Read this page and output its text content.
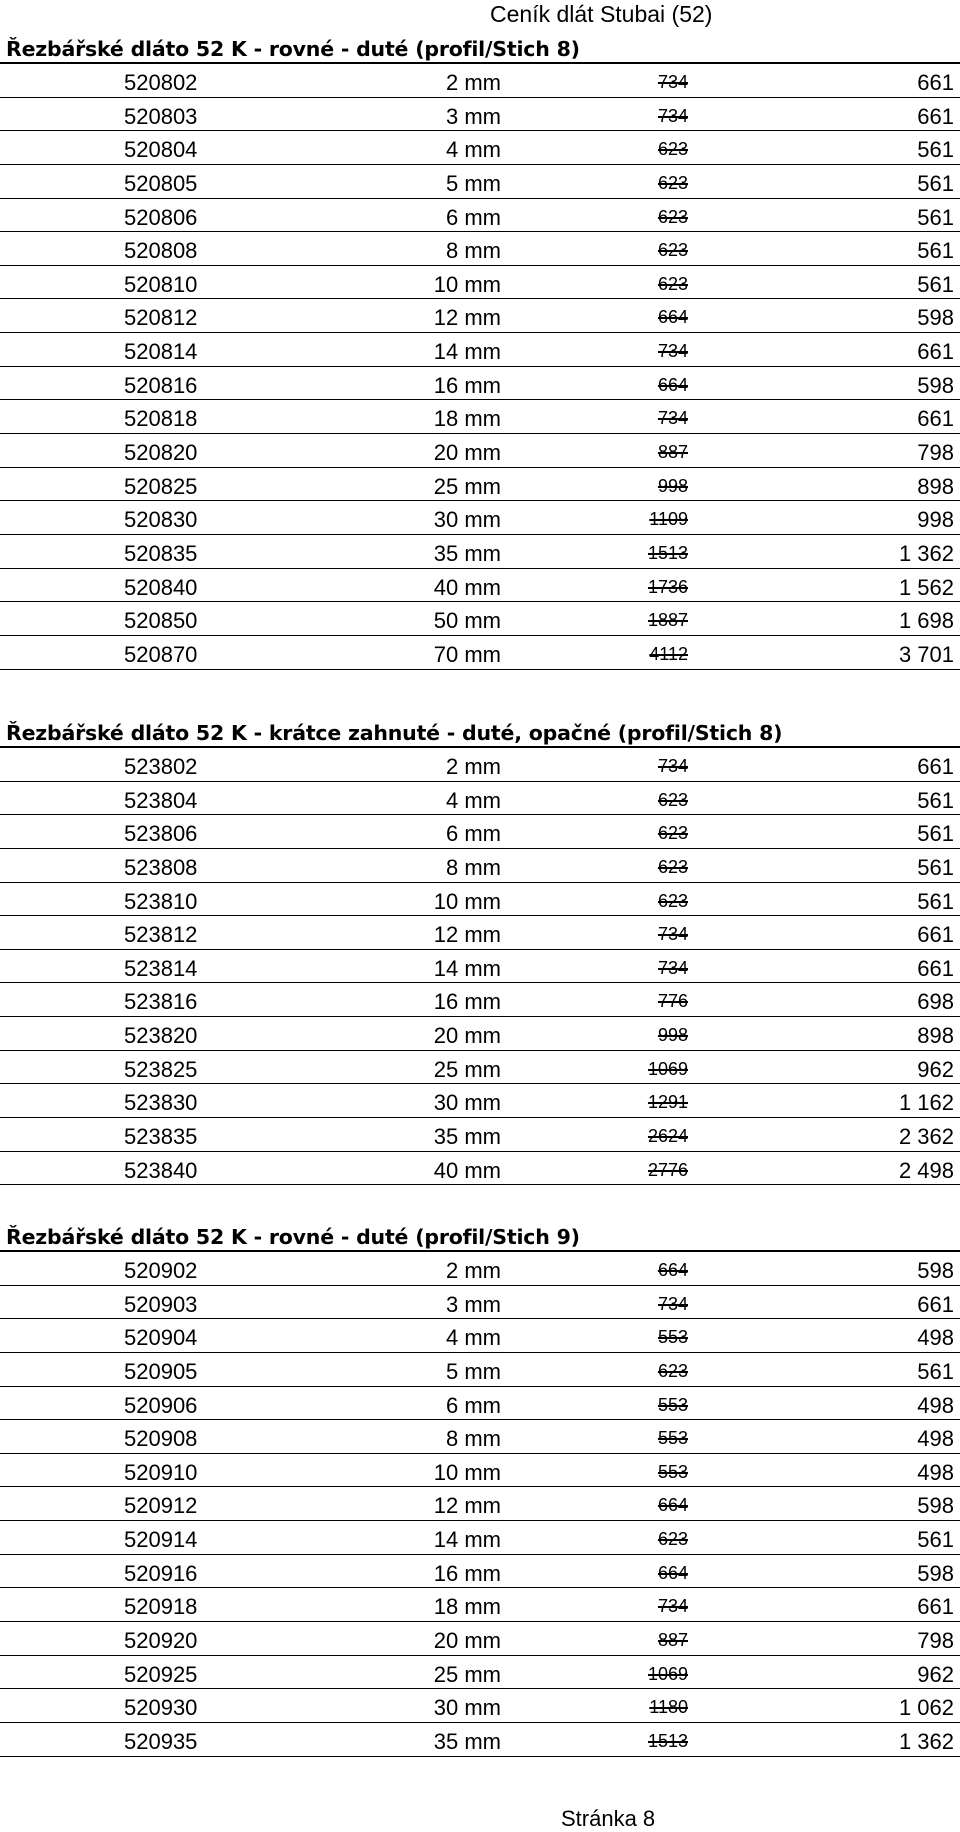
Ceník dlát Stubai (52)
Řezbářské dláto 52 K - rovné - duté (profil/Stich 8)
520802	2 mm	734	661
520803	3 mm	734	661
520804	4 mm	623	561
520805	5 mm	623	561
520806	6 mm	623	561
520808	8 mm	623	561
520810	10 mm	623	561
520812	12 mm	664	598
520814	14 mm	734	661
520816	16 mm	664	598
520818	18 mm	734	661
520820	20 mm	887	798
520825	25 mm	998	898
520830	30 mm	1109	998
520835	35 mm	1513	1 362
520840	40 mm	1736	1 562
520850	50 mm	1887	1 698
520870	70 mm	4112	3 701
Řezbářské dláto 52 K - krátce zahnuté - duté, opačné (profil/Stich 8)
523802	2 mm	734	661
523804	4 mm	623	561
523806	6 mm	623	561
523808	8 mm	623	561
523810	10 mm	623	561
523812	12 mm	734	661
523814	14 mm	734	661
523816	16 mm	776	698
523820	20 mm	998	898
523825	25 mm	1069	962
523830	30 mm	1291	1 162
523835	35 mm	2624	2 362
523840	40 mm	2776	2 498
Řezbářské dláto 52 K - rovné - duté (profil/Stich 9)
520902	2 mm	664	598
520903	3 mm	734	661
520904	4 mm	553	498
520905	5 mm	623	561
520906	6 mm	553	498
520908	8 mm	553	498
520910	10 mm	553	498
520912	12 mm	664	598
520914	14 mm	623	561
520916	16 mm	664	598
520918	18 mm	734	661
520920	20 mm	887	798
520925	25 mm	1069	962
520930	30 mm	1180	1 062
520935	35 mm	1513	1 362
Stránka 8
